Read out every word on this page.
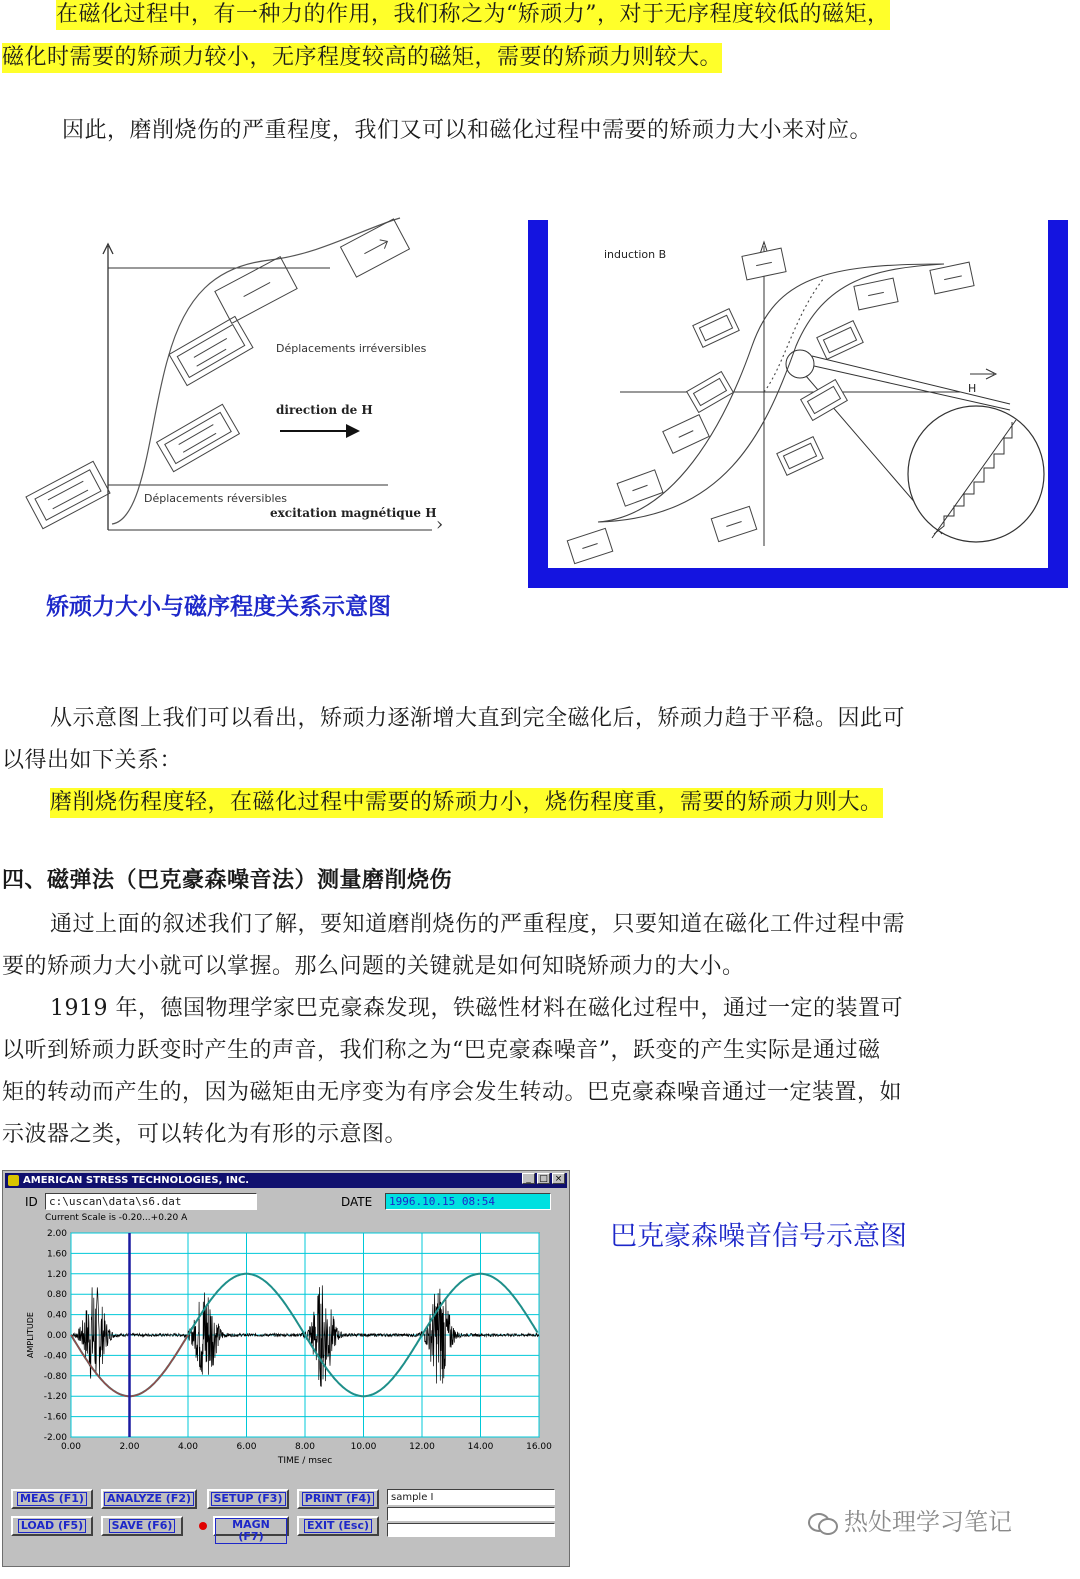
在磁化过程中，有一种力的作用，我们称之为“矫顽力”，对于无序程度较低的磁矩，
磁化时需要的矫顽力较小，无序程度较高的磁矩，需要的矫顽力则较大。
因此，磨削烧伤的严重程度，我们又可以和磁化过程中需要的矫顽力大小来对应。
›
Déplacements irréversibles
direction de H
Déplacements réversibles
excitation magnétique H
induction B
H
矫顽力大小与磁序程度关系示意图
从示意图上我们可以看出，矫顽力逐渐增大直到完全磁化后，矫顽力趋于平稳。因此可
以得出如下关系：
磨削烧伤程度轻，在磁化过程中需要的矫顽力小，烧伤程度重，需要的矫顽力则大。
四、磁弹法（巴克豪森噪音法）测量磨削烧伤
通过上面的叙述我们了解，要知道磨削烧伤的严重程度，只要知道在磁化工件过程中需
要的矫顽力大小就可以掌握。那么问题的关键就是如何知晓矫顽力的大小。
1919 年，德国物理学家巴克豪森发现，铁磁性材料在磁化过程中，通过一定的装置可
以听到矫顽力跃变时产生的声音，我们称之为“巴克豪森噪音”，跃变的产生实际是通过磁
矩的转动而产生的，因为磁矩由无序变为有序会发生转动。巴克豪森噪音通过一定装置，如
示波器之类，可以转化为有形的示意图。
AMERICAN STRESS TECHNOLOGIES, INC.	_ □ ×
ID	c:\uscan\data\s6.dat	DATE	1996.10.15 08:54
Current Scale is -0.20...+0.20 A
0.00	2.00	4.00	6.00	8.00	10.00	12.00	14.00	16.00
2.00
1.60
1.20
0.80
0.40
0.00
-0.40
-0.80
-1.20
-1.60
-2.00
AMPLITUDE
TIME / msec
MEAS (F1)	ANALYZE (F2)	SETUP (F3)	PRINT (F4)
LOAD (F5)	SAVE (F6)	MAGN (F7)
EXIT (Esc)
sample I
巴克豪森噪音信号示意图
热处理学习笔记
